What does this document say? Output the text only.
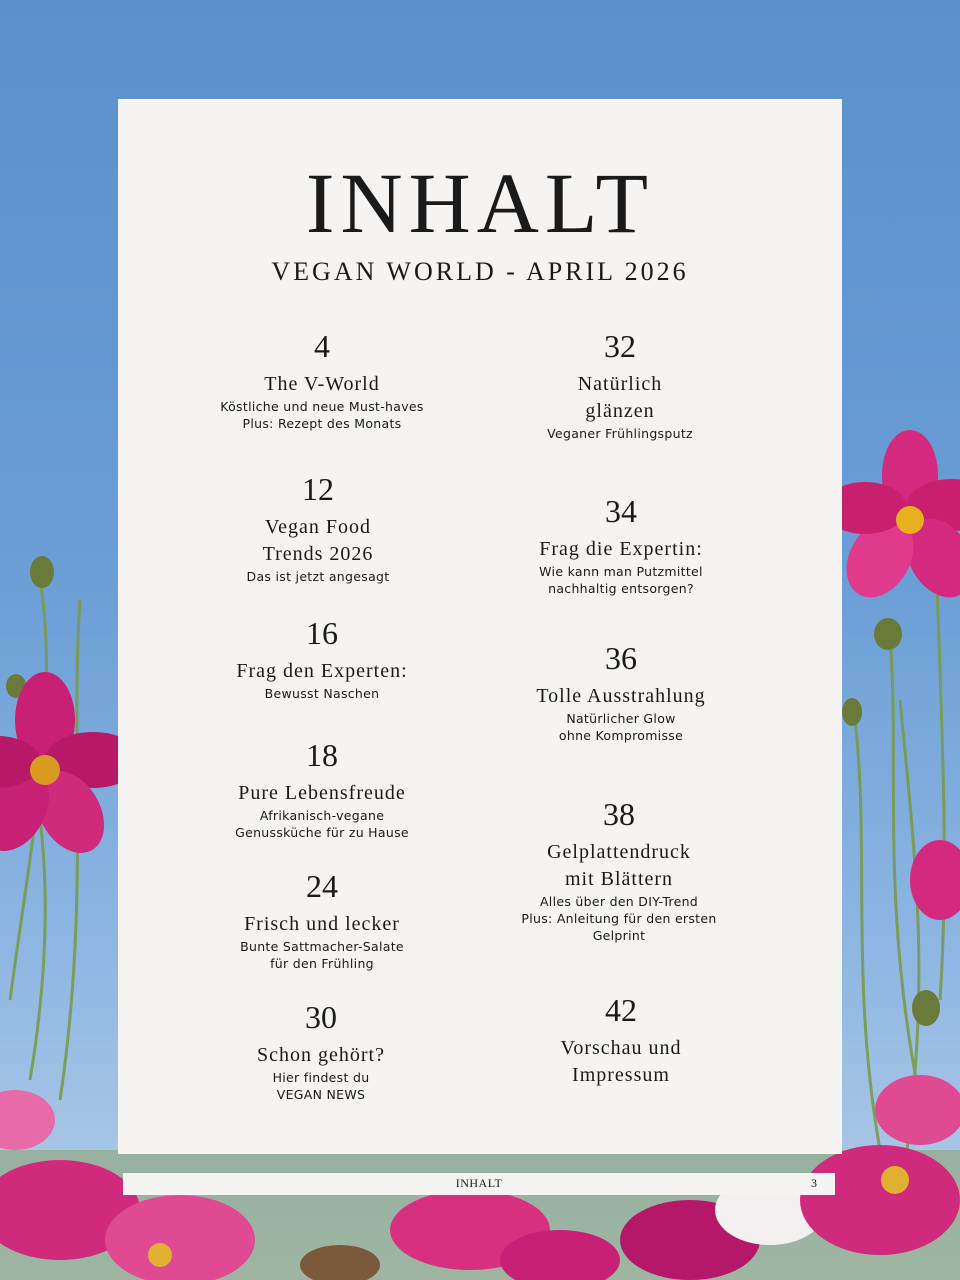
INHALT
VEGAN WORLD - APRIL 2026
4
The V-World
Köstliche und neue Must-haves
Plus: Rezept des Monats
12
Vegan Food
Trends 2026
Das ist jetzt angesagt
16
Frag den Experten:
Bewusst Naschen
18
Pure Lebensfreude
Afrikanisch-vegane
Genussküche für zu Hause
24
Frisch und lecker
Bunte Sattmacher-Salate
für den Frühling
30
Schon gehört?
Hier findest du
VEGAN NEWS
32
Natürlich
glänzen
Veganer Frühlingsputz
34
Frag die Expertin:
Wie kann man Putzmittel
nachhaltig entsorgen?
36
Tolle Ausstrahlung
Natürlicher Glow
ohne Kompromisse
38
Gelplattendruck
mit Blättern
Alles über den DIY-Trend
Plus: Anleitung für den ersten
Gelprint
42
Vorschau und
Impressum
INHALT	3
